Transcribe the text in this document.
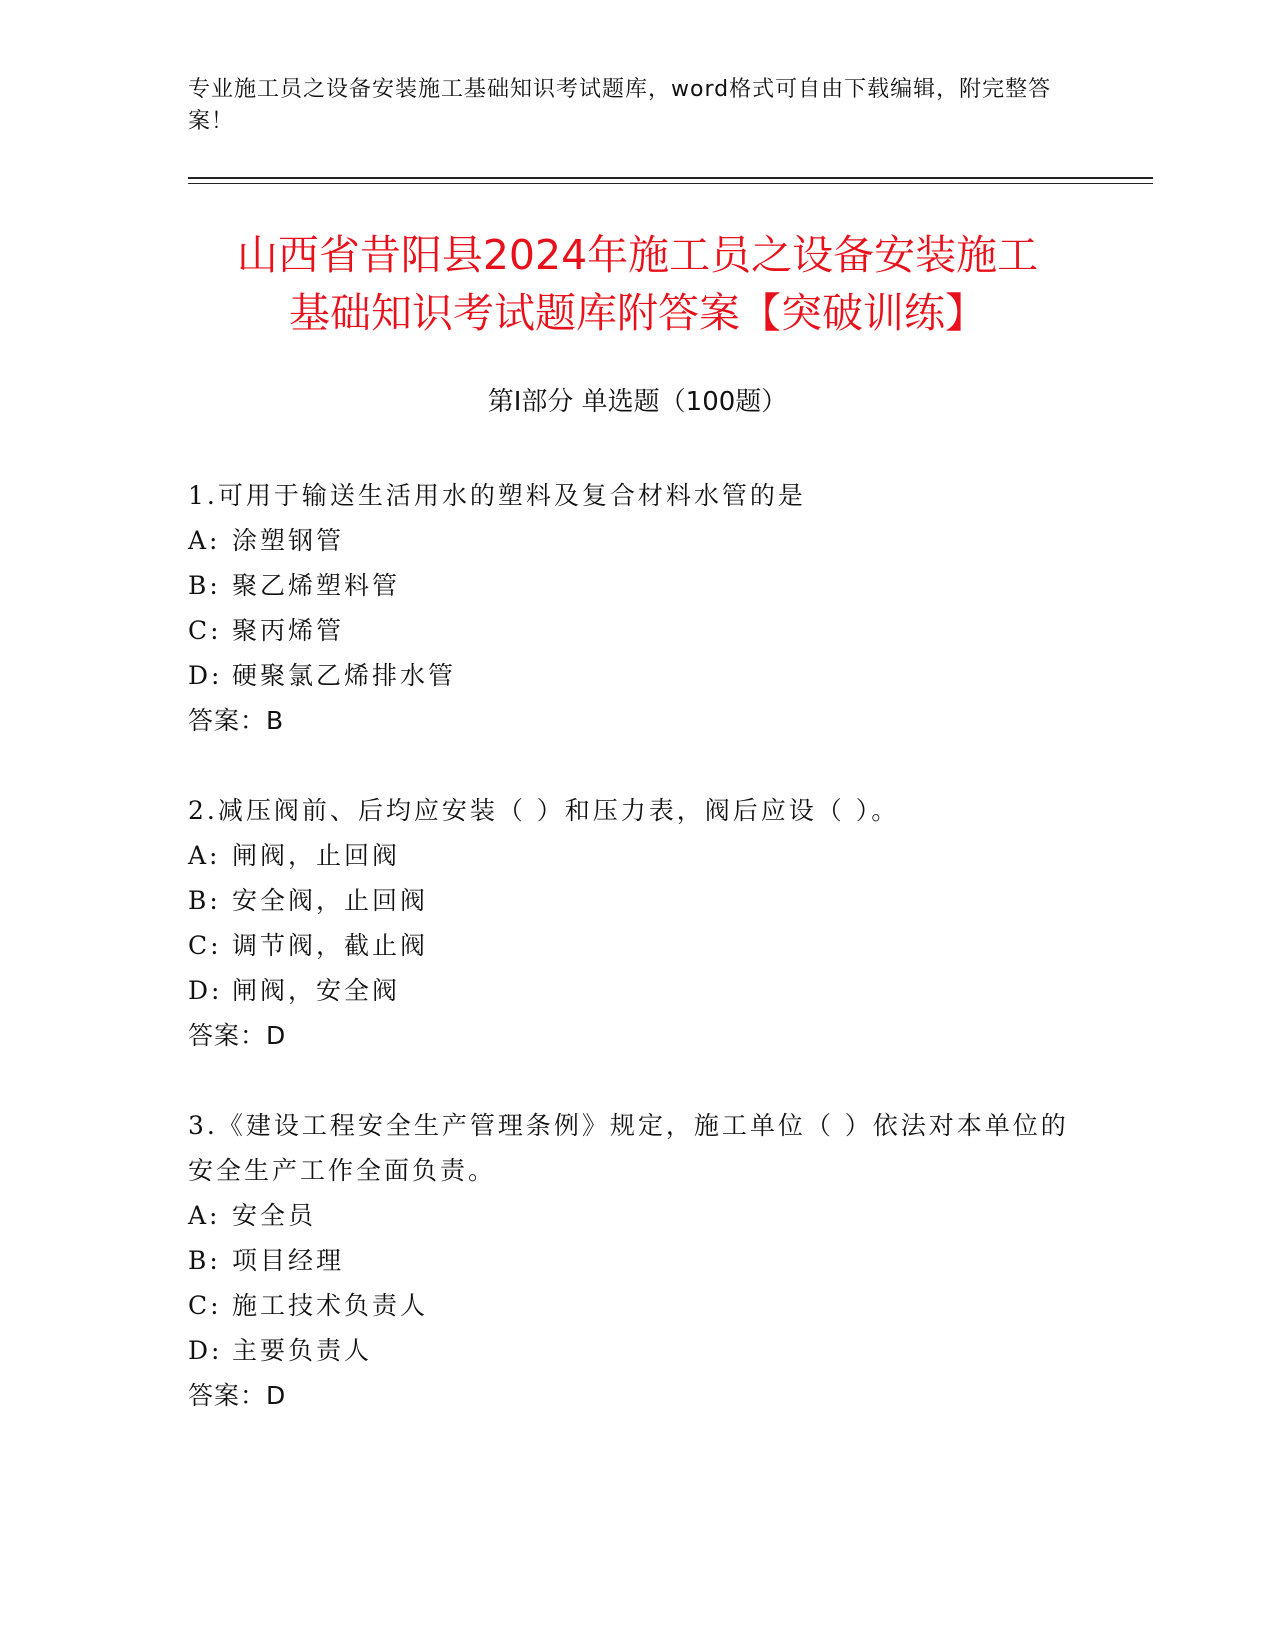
专业施工员之设备安装施工基础知识考试题库，word格式可自由下载编辑，附完整答案！
山西省昔阳县2024年施工员之设备安装施工
基础知识考试题库附答案【突破训练】
第Ⅰ部分 单选题（100题）
1.可用于输送生活用水的塑料及复合材料水管的是
A: 涂塑钢管
B: 聚乙烯塑料管
C: 聚丙烯管
D: 硬聚氯乙烯排水管
答案：B
2.减压阀前、后均应安装（ ）和压力表，阀后应设（ ）。
A: 闸阀，止回阀
B: 安全阀，止回阀
C: 调节阀，截止阀
D: 闸阀，安全阀
答案：D
3.《建设工程安全生产管理条例》规定，施工单位（ ）依法对本单位的安全生产工作全面负责。
A: 安全员
B: 项目经理
C: 施工技术负责人
D: 主要负责人
答案：D
